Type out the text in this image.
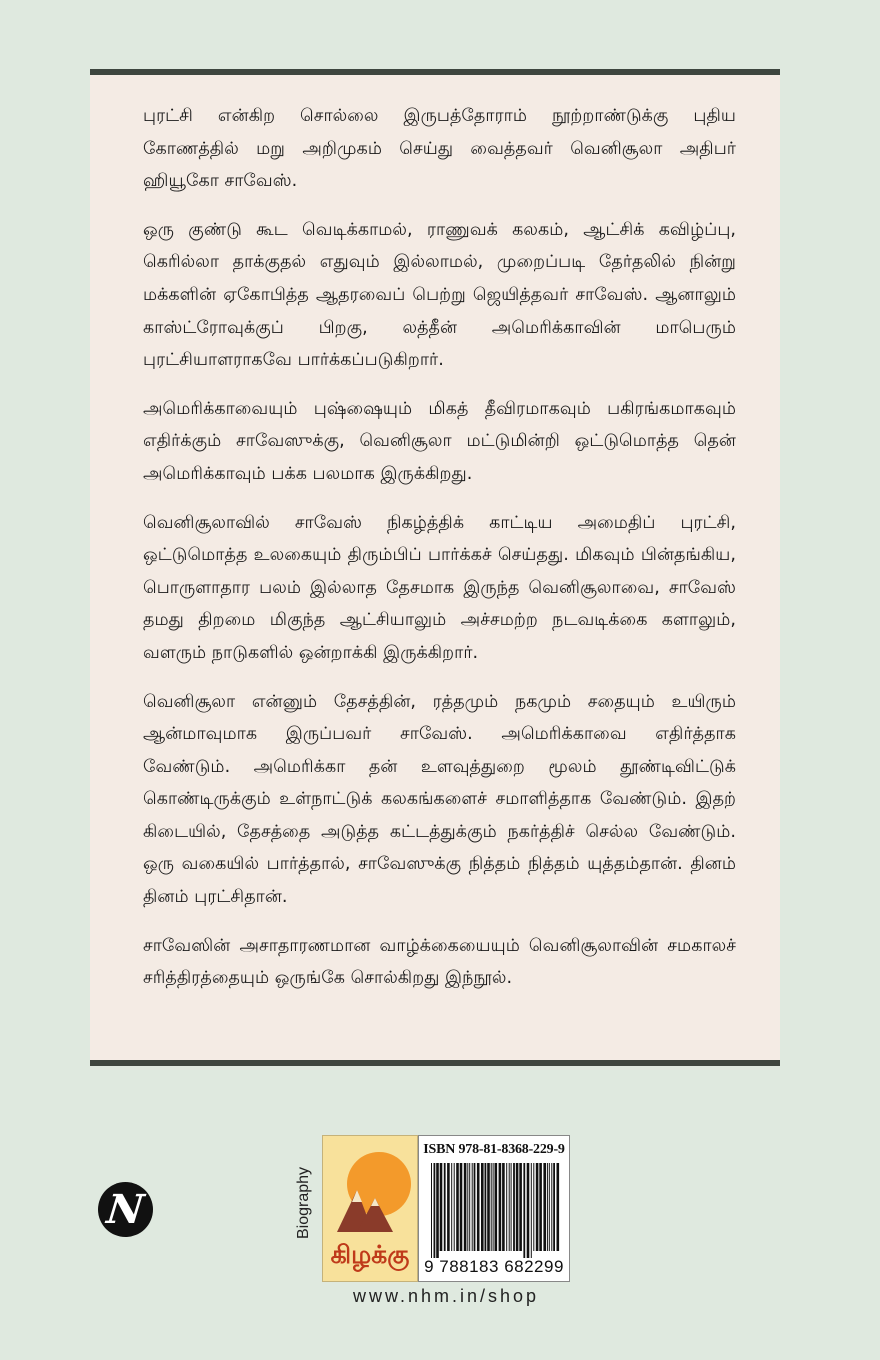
புரட்சி என்கிற சொல்லை இருபத்தோராம் நூற்றாண்டுக்கு புதிய கோணத்தில் மறு அறிமுகம் செய்து வைத்தவர் வெனிசூலா அதிபர் ஹியூகோ சாவேஸ்.

ஒரு குண்டு கூட வெடிக்காமல், ராணுவக் கலகம், ஆட்சிக் கவிழ்ப்பு, கெரில்லா தாக்குதல் எதுவும் இல்லாமல், முறைப்படி தேர்தலில் நின்று மக்களின் ஏகோபித்த ஆதரவைப் பெற்று ஜெயித்தவர் சாவேஸ். ஆனாலும் காஸ்ட்ரோவுக்குப் பிறகு, லத்தீன் அமெரிக்காவின் மாபெரும் புரட்சியாளராகவே பார்க்கப்படுகிறார்.

அமெரிக்காவையும் புஷ்ஷையும் மிகத் தீவிரமாகவும் பகிரங்கமாகவும் எதிர்க்கும் சாவேஸுக்கு, வெனிசூலா மட்டுமின்றி ஒட்டுமொத்த தென் அமெரிக்காவும் பக்க பலமாக இருக்கிறது.

வெனிசூலாவில் சாவேஸ் நிகழ்த்திக் காட்டிய அமைதிப் புரட்சி, ஒட்டுமொத்த உலகையும் திரும்பிப் பார்க்கச் செய்தது. மிகவும் பின்தங்கிய, பொருளாதார பலம் இல்லாத தேசமாக இருந்த வெனிசூலாவை, சாவேஸ் தமது திறமை மிகுந்த ஆட்சியாலும் அச்சமற்ற நடவடிக்கை களாலும், வளரும் நாடுகளில் ஒன்றாக்கி இருக்கிறார்.

வெனிசூலா என்னும் தேசத்தின், ரத்தமும் நகமும் சதையும் உயிரும் ஆன்மாவுமாக இருப்பவர் சாவேஸ். அமெரிக்காவை எதிர்த்தாக வேண்டும். அமெரிக்கா தன் உளவுத்துறை மூலம் தூண்டிவிட்டுக் கொண்டிருக்கும் உள்நாட்டுக் கலகங்களைச் சமாளித்தாக வேண்டும். இதற் கிடையில், தேசத்தை அடுத்த கட்டத்துக்கும் நகர்த்திச் செல்ல வேண்டும். ஒரு வகையில் பார்த்தால், சாவேஸுக்கு நித்தம் நித்தம் யுத்தம்தான். தினம் தினம் புரட்சிதான்.

சாவேஸின் அசாதாரணமான வாழ்க்கையையும் வெனிசூலாவின் சமகாலச் சரித்திரத்தையும் ஒருங்கே சொல்கிறது இந்நூல்.

N	Biography
கிழக்கு
ISBN 978-81-8368-229-9
9 788183 682299
www.nhm.in/shop
